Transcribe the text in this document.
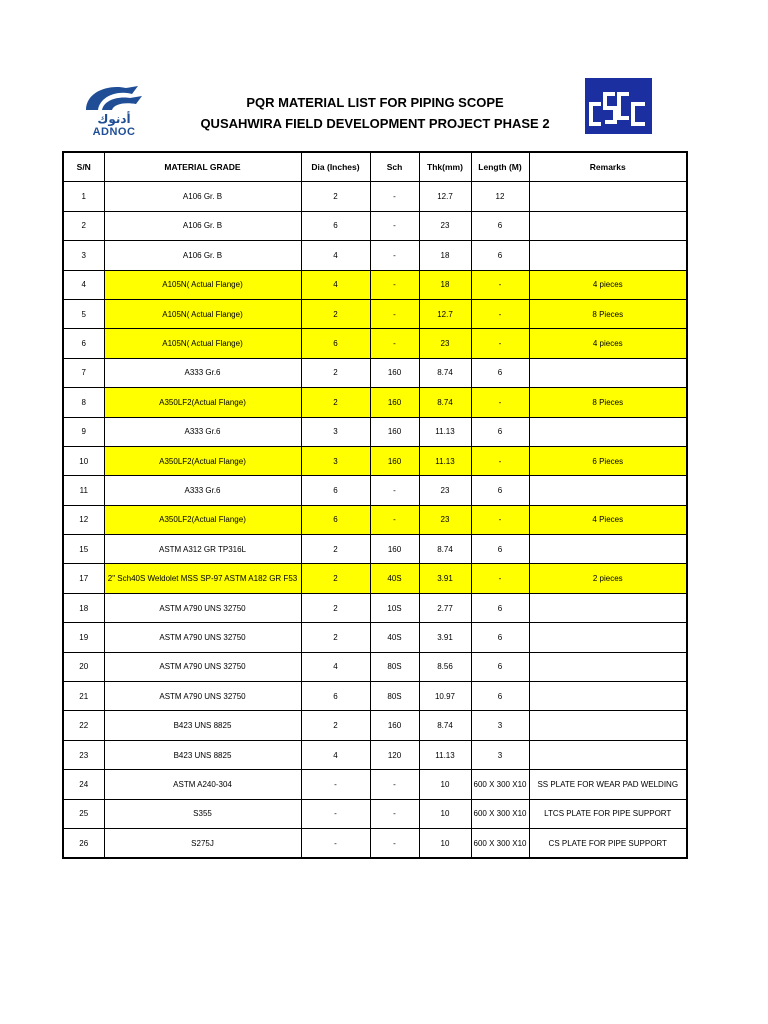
أدنوك
ADNOC
PQR MATERIAL LIST FOR PIPING SCOPE
QUSAHWIRA FIELD DEVELOPMENT PROJECT PHASE 2
S/N	MATERIAL GRADE	Dia (Inches)	Sch	Thk(mm)	Length (M)	Remarks
1	A106 Gr. B	2	-	12.7	12	
2	A106 Gr. B	6	-	23	6	
3	A106 Gr. B	4	-	18	6	
4	A105N( Actual Flange)	4	-	18	-	4 pieces
5	A105N( Actual Flange)	2	-	12.7	-	8 Pieces
6	A105N( Actual Flange)	6	-	23	-	4 pieces
7	A333 Gr.6	2	160	8.74	6	
8	A350LF2(Actual Flange)	2	160	8.74	-	8 Pieces
9	A333 Gr.6	3	160	11.13	6	
10	A350LF2(Actual Flange)	3	160	11.13	-	6 Pieces
11	A333 Gr.6	6	-	23	6	
12	A350LF2(Actual Flange)	6	-	23	-	4 Pieces
15	ASTM A312 GR TP316L	2	160	8.74	6	
17	2" Sch40S Weldolet MSS SP-97 ASTM A182 GR F53	2	40S	3.91	-	2 pieces
18	ASTM A790 UNS 32750	2	10S	2.77	6	
19	ASTM A790 UNS 32750	2	40S	3.91	6	
20	ASTM A790 UNS 32750	4	80S	8.56	6	
21	ASTM A790 UNS 32750	6	80S	10.97	6	
22	B423 UNS 8825	2	160	8.74	3	
23	B423 UNS 8825	4	120	11.13	3	
24	ASTM A240-304	-	-	10	600 X 300 X10	SS PLATE FOR WEAR PAD WELDING
25	S355	-	-	10	600 X 300 X10	LTCS PLATE FOR PIPE SUPPORT
26	S275J	-	-	10	600 X 300 X10	CS PLATE FOR PIPE SUPPORT
